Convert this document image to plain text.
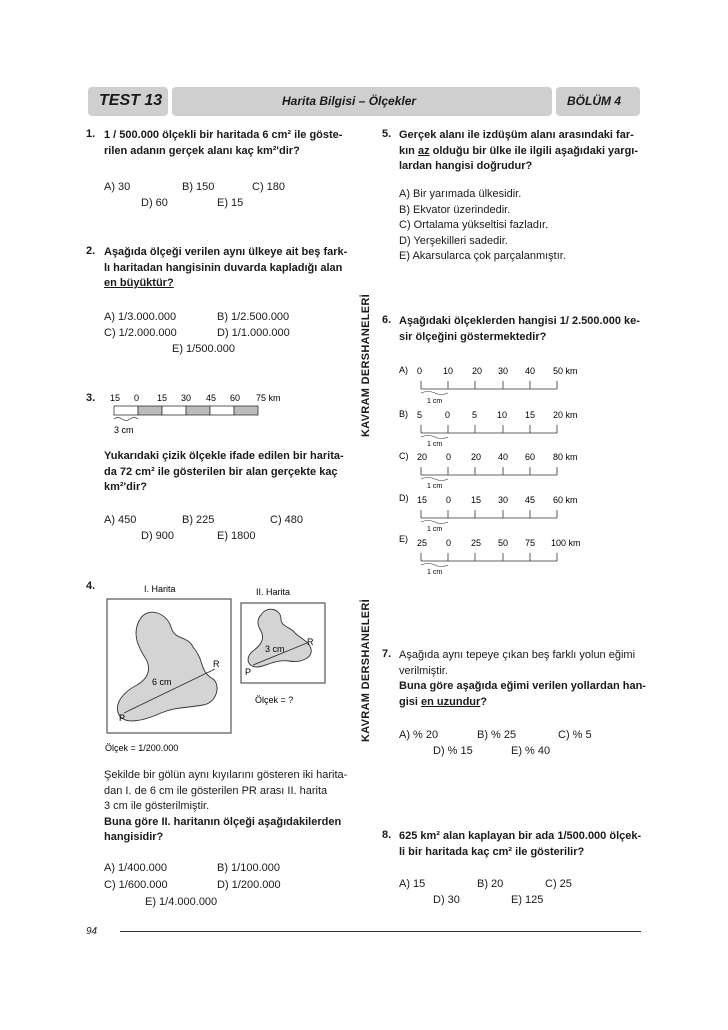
TEST 13	Harita Bilgisi – Ölçekler	BÖLÜM 4
KAVRAM DERSHANELERİ
KAVRAM DERSHANELERİ
1. 1 / 500.000 ölçekli bir haritada 6 cm² ile göste-
rilen adanın gerçek alanı kaç km²'dir?
A) 30	B) 150	C) 180
D) 60	E) 15
2. Aşağıda ölçeği verilen aynı ülkeye ait beş fark-
lı haritadan hangisinin duvarda kapladığı alan
en büyüktür?
A) 1/3.000.000	B) 1/2.500.000
C) 1/2.000.000	D) 1/1.000.000
E) 1/500.000
3. 15 0 15 30 45 60 75 km
3 cm
Yukarıdaki çizik ölçekle ifade edilen bir harita-
da 72 cm² ile gösterilen bir alan gerçekte kaç
km²'dir?
A) 450	B) 225	C) 480
D) 900	E) 1800
4.	I. Harita	II. Harita
6 cm
R
P
3 cm
R
P
Ölçek = ?
Ölçek = 1/200.000
Şekilde bir gölün aynı kıyılarını gösteren iki harita-
dan I. de 6 cm ile gösterilen PR arası II. harita
3 cm ile gösterilmiştir.
Buna göre II. haritanın ölçeği aşağıdakilerden
hangisidir?
A) 1/400.000	B) 1/100.000
C) 1/600.000	D) 1/200.000
E) 1/4.000.000
5. Gerçek alanı ile izdüşüm alanı arasındaki far-
kın az olduğu bir ülke ile ilgili aşağıdaki yargı-
lardan hangisi doğrudur?
A) Bir yarımada ülkesidir.
B) Ekvator üzerindedir.
C) Ortalama yükseltisi fazladır.
D) Yerşekilleri sadedir.
E) Akarsularca çok parçalanmıştır.
6. Aşağıdaki ölçeklerden hangisi 1/ 2.500.000 ke-
sir ölçeğini göstermektedir?
A) 0 10 20 30 40 50 km
1 cm
B) 5	0 5 10 15 20 km
1 cm
C) 20 0 20 40 60 80 km
1 cm
D) 15 0 15 30 45 60 km
1 cm
E) 25 0 25 50 75 100 km
1 cm
7. Aşağıda aynı tepeye çıkan beş farklı yolun eğimi
verilmiştir.
Buna göre aşağıda eğimi verilen yollardan han-
gisi en uzundur?
A) % 20	B) % 25	C) % 5
D) % 15	E) % 40
8. 625 km² alan kaplayan bir ada 1/500.000 ölçek-
li bir haritada kaç cm² ile gösterilir?
A) 15	B) 20	C) 25
D) 30	E) 125
94
